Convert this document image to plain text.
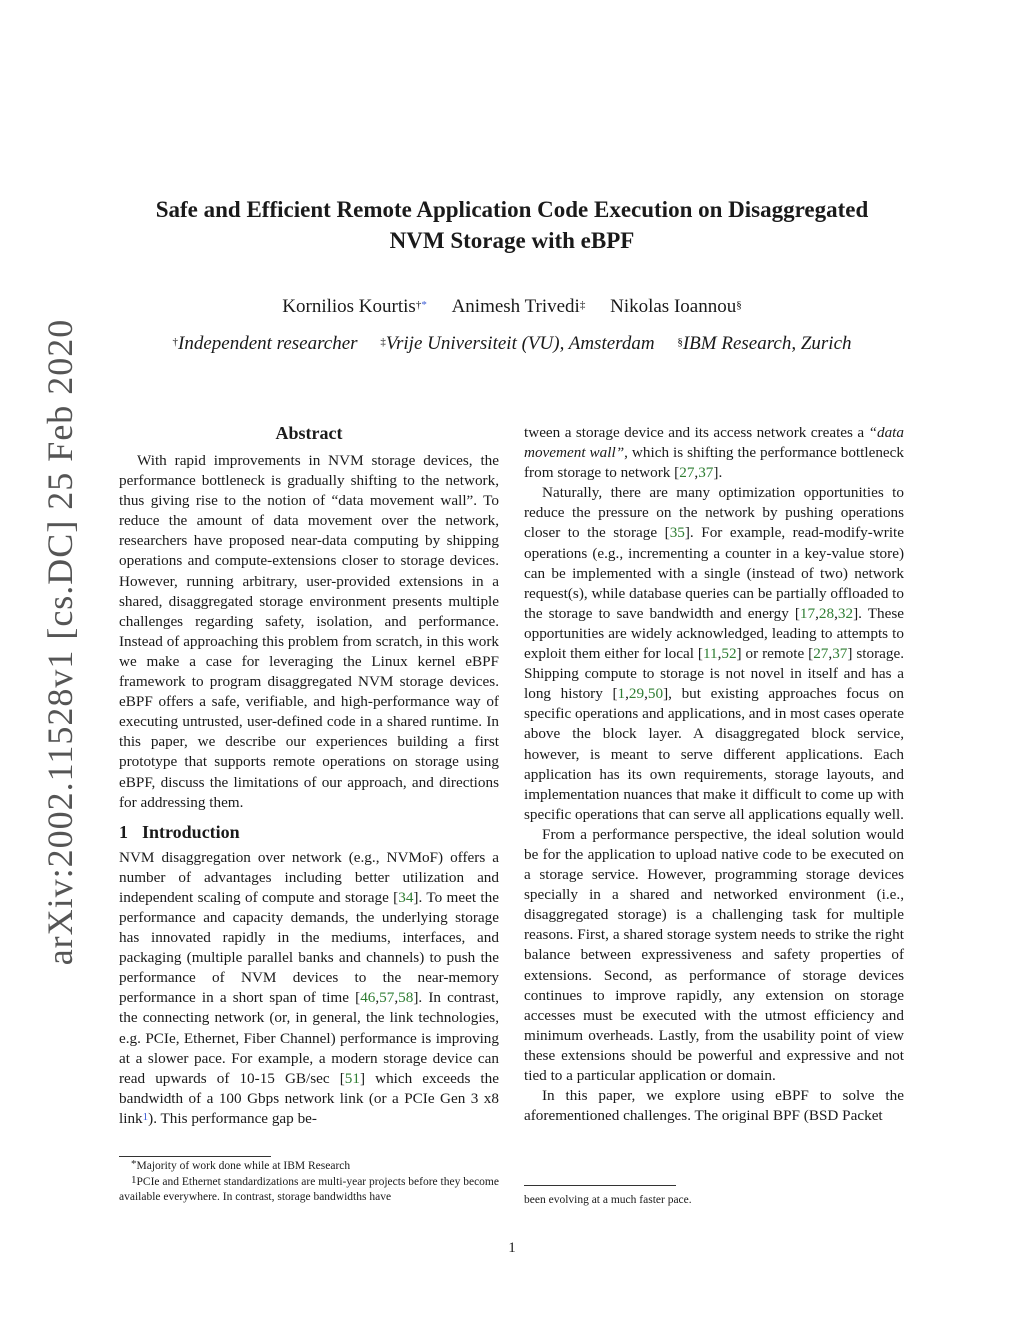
arXiv:2002.11528v1 [cs.DC] 25 Feb 2020
Safe and Efficient Remote Application Code Execution on Disaggregated
NVM Storage with eBPF
Kornilios Kourtis†* Animesh Trivedi‡ Nikolas Ioannou§
†Independent researcher ‡Vrije Universiteit (VU), Amsterdam §IBM Research, Zurich
Abstract

With rapid improvements in NVM storage devices, the performance bottleneck is gradually shifting to the network, thus giving rise to the notion of “data movement wall”. To reduce the amount of data movement over the network, researchers have proposed near-data computing by shipping operations and compute-extensions closer to storage devices. However, running arbitrary, user-provided extensions in a shared, disaggregated storage environment presents multiple challenges regarding safety, isolation, and performance. Instead of approaching this problem from scratch, in this work we make a case for leveraging the Linux kernel eBPF framework to program disaggregated NVM storage devices. eBPF offers a safe, verifiable, and high-performance way of executing untrusted, user-defined code in a shared runtime. In this paper, we describe our experiences building a first prototype that supports remote operations on storage using eBPF, discuss the limitations of our approach, and directions for addressing them.

1 Introduction

NVM disaggregation over network (e.g., NVMoF) offers a number of advantages including better utilization and independent scaling of compute and storage [34]. To meet the performance and capacity demands, the underlying storage has innovated rapidly in the mediums, interfaces, and packaging (multiple parallel banks and channels) to push the performance of NVM devices to the near-memory performance in a short span of time [46,57,58]. In contrast, the connecting network (or, in general, the link technologies, e.g. PCIe, Ethernet, Fiber Channel) performance is improving at a slower pace. For example, a modern storage device can read upwards of 10-15 GB/sec [51] which exceeds the bandwidth of a 100 Gbps network link (or a PCIe Gen 3 x8 link$^1$). This performance gap be-

tween a storage device and its access network creates a “data movement wall”, which is shifting the performance bottleneck from storage to network [27,37].

Naturally, there are many optimization opportunities to reduce the pressure on the network by pushing operations closer to the storage [35]. For example, read-modify-write operations (e.g., incrementing a counter in a key-value store) can be implemented with a single (instead of two) network request(s), while database queries can be partially offloaded to the storage to save bandwidth and energy [17,28,32]. These opportunities are widely acknowledged, leading to attempts to exploit them either for local [11,52] or remote [27,37] storage. Shipping compute to storage is not novel in itself and has a long history [1,29,50], but existing approaches focus on specific operations and applications, and in most cases operate above the block layer. A disaggregated block service, however, is meant to serve different applications. Each application has its own requirements, storage layouts, and implementation nuances that make it difficult to come up with specific operations that can serve all applications equally well.

From a performance perspective, the ideal solution would be for the application to upload native code to be executed on a storage service. However, programming storage devices specially in a shared and networked environment (i.e., disaggregated storage) is a challenging task for multiple reasons. First, a shared storage system needs to strike the right balance between expressiveness and safety properties of extensions. Second, as performance of storage devices continues to improve rapidly, any extension on storage accesses must be executed with the utmost efficiency and minimum overheads. Lastly, from the usability point of view these extensions should be powerful and expressive and not tied to a particular application or domain.

In this paper, we explore using eBPF to solve the aforementioned challenges. The original BPF (BSD Packet

*Majority of work done while at IBM Research

$^1$PCIe and Ethernet standardizations are multi-year projects before they become available everywhere. In contrast, storage bandwidths have	been evolving at a much faster pace.

1
